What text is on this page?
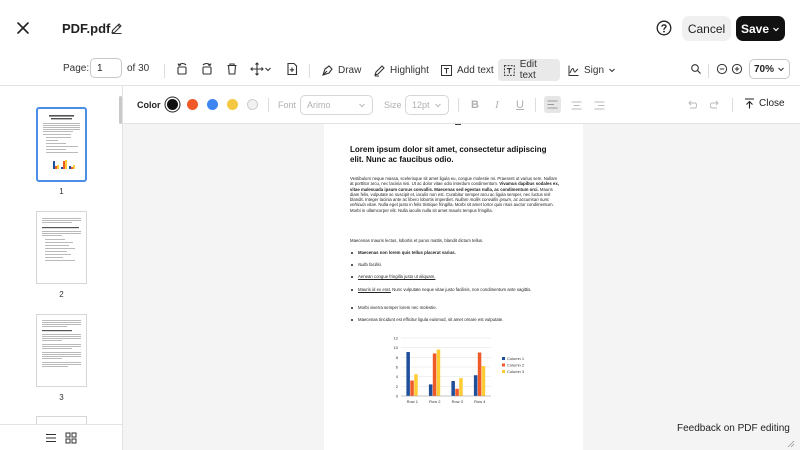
PDF.pdf	Cancel	Save
Page:
1	of 30	Draw	Highlight	Add text	Edit text	Sign	70%
1
2
3
Color	Font Arimo	Size 12pt	B	I	U	Close
Lorem ipsum dolor sit amet, consectetur adipiscing elit. Nunc ac faucibus odio.
Vestibulum neque massa, scelerisque sit amet ligula eu, congue molestie mi. Praesent ut varius sem. Nullam at porttitor arcu, nec lacinia nisi. Ut ac dolor vitae odio interdum condimentum. Vivamus dapibus sodales ex, vitae malesuada ipsum cursus convallis. Maecenas sed egestas nulla, ac condimentum orci. Mauris diam felis, vulputate ac suscipit et, iaculis non est. Curabitur semper arcu ac ligula semper, nec luctus nisl blandit. Integer lacinia ante ac libero lobortis imperdiet. Nullam mollis convallis ipsum, ac accumsan nunc vehicula vitae. Nulla eget justo in felis tristique fringilla. Morbi sit amet tortor quis risus auctor condimentum. Morbi in ullamcorper elit. Nulla iaculis nulla sit amet mauris tempus fringilla.
Maecenas mauris lectus, lobortis et purus mattis, blandit dictum tellus.
Maecenas non lorem quis tellus placerat varius.
Nulla facilisi.
Aenean congue fringilla justo ut aliquam.
Mauris id ex erat. Nunc vulputate neque vitae justo facilisis, non condimentum ante sagittis.
Morbi viverra semper lorem nec molestie.
Maecenas tincidunt est efficitur ligula euismod, sit amet ornare est vulputate.
0
2
4
6
8
10
12
Row 1	Row 2	Row 3	Row 4
Column 1
Column 2
Column 3
Feedback on PDF editing
